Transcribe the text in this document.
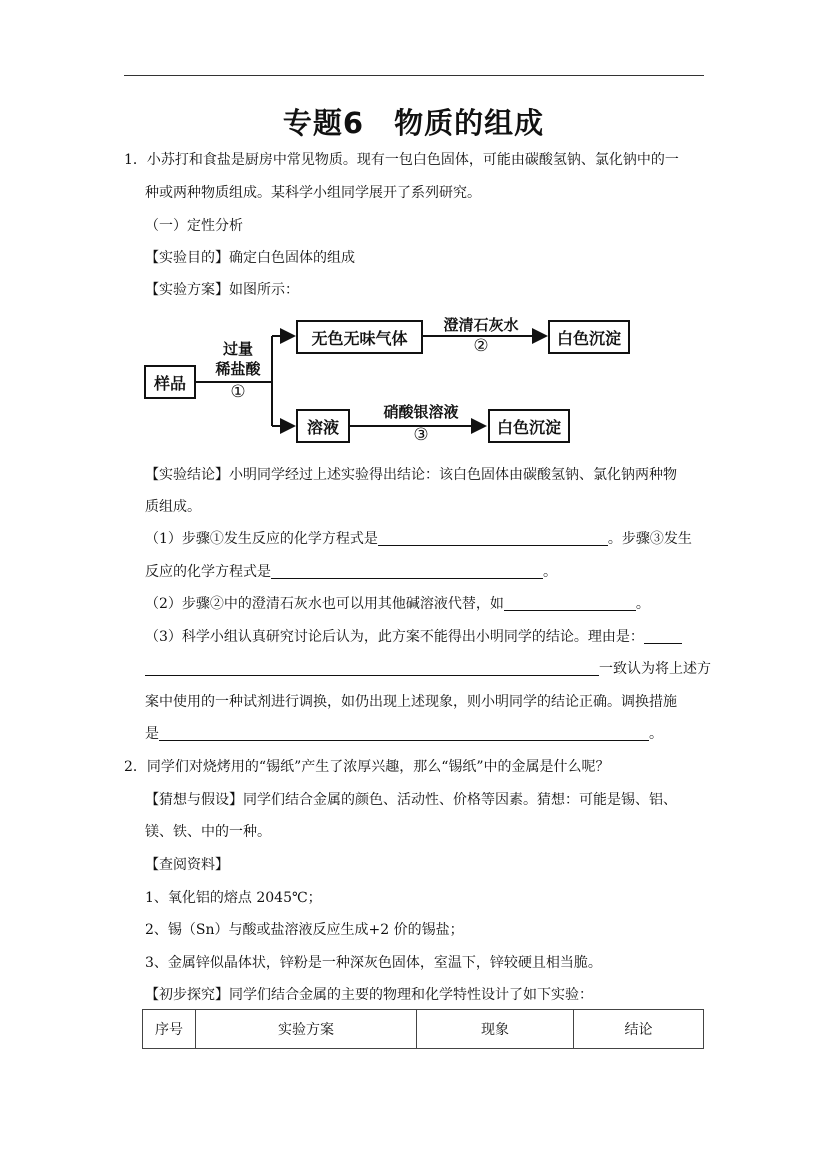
专题6　物质的组成
1．小苏打和食盐是厨房中常见物质。现有一包白色固体，可能由碳酸氢钠、氯化钠中的一
种或两种物质组成。某科学小组同学展开了系列研究。
（一）定性分析
【实验目的】确定白色固体的组成
【实验方案】如图所示：
样品
过量
稀盐酸
①
无色无味气体
澄清石灰水
②	白色沉淀
溶液
硝酸银溶液
③	白色沉淀
【实验结论】小明同学经过上述实验得出结论：该白色固体由碳酸氢钠、氯化钠两种物
质组成。
（1）步骤①发生反应的化学方程式是	。步骤③发生
反应的化学方程式是	。
（2）步骤②中的澄清石灰水也可以用其他碱溶液代替，如	。
（3）科学小组认真研究讨论后认为，此方案不能得出小明同学的结论。理由是：
一致认为将上述方
案中使用的一种试剂进行调换，如仍出现上述现象，则小明同学的结论正确。调换措施
是	。
2．同学们对烧烤用的“锡纸”产生了浓厚兴趣，那么“锡纸”中的金属是什么呢？
【猜想与假设】同学们结合金属的颜色、活动性、价格等因素。猜想：可能是锡、铝、
镁、铁、中的一种。
【查阅资料】
1、氧化铝的熔点 2045℃；
2、锡（Sn）与酸或盐溶液反应生成+2 价的锡盐；
3、金属锌似晶体状，锌粉是一种深灰色固体，室温下，锌较硬且相当脆。
【初步探究】同学们结合金属的主要的物理和化学特性设计了如下实验：
序号	实验方案	现象	结论
